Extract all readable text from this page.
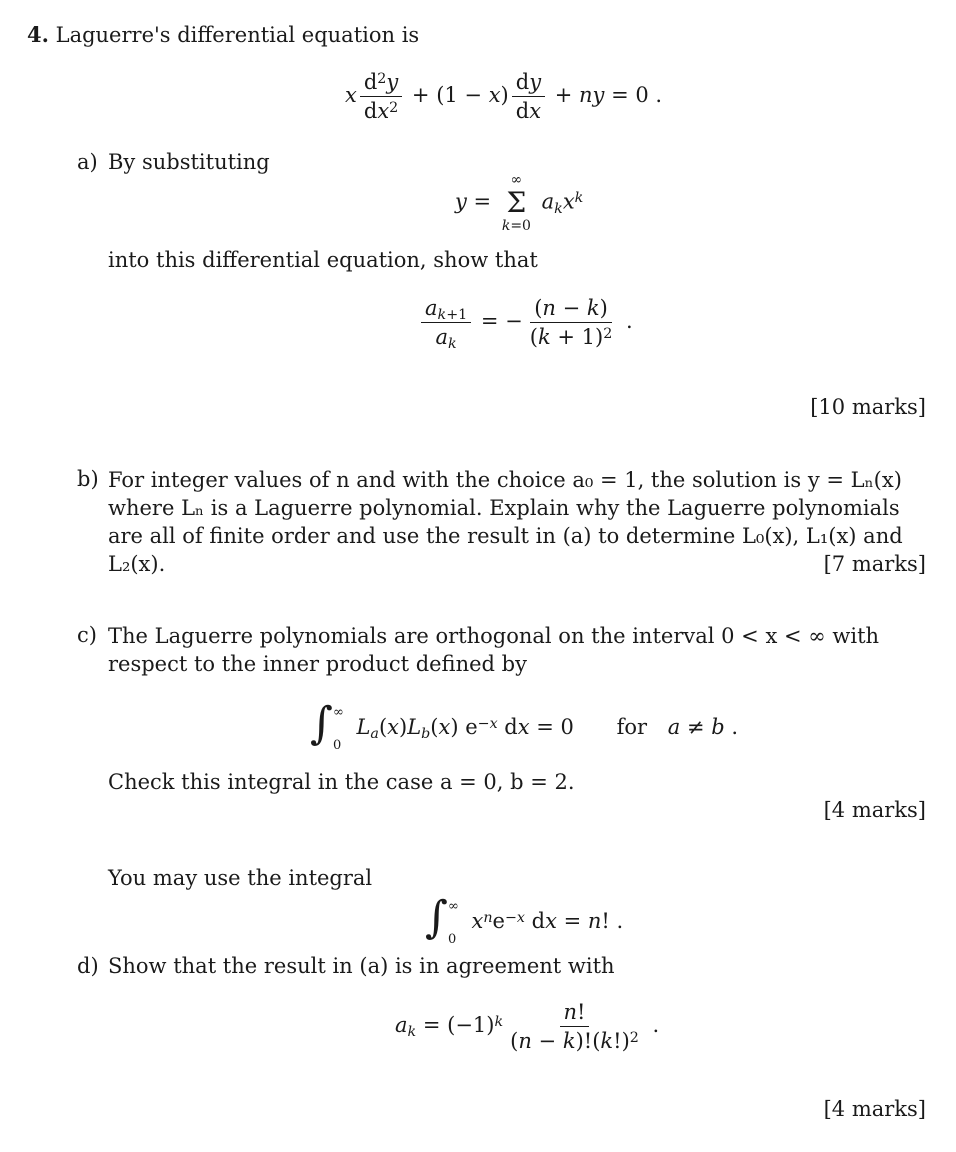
4. Laguerre's differential equation is
x $\frac{d^2y}{dx^2} + (1 - x) \frac{dy}{dx}$ + ny = 0 .
a) By substituting
y =
∞
Σ
k=0
$a_kx^k$
into this differential equation, show that
$\frac{a_{k+1}}{a_k}$ = − $\frac{(n - k)}{(k + 1)^2}$ .
[10 marks]
b) For integer values of n and with the choice a₀ = 1, the solution is y = Lₙ(x) where Lₙ is a Laguerre polynomial. Explain why the Laguerre polynomials are all of finite order and use the result in (a) to determine L₀(x), L₁(x) and L₂(x).	[7 marks]
c) The Laguerre polynomials are orthogonal on the interval 0 < x < ∞ with respect to the inner product defined by
∫ ∞
0
$L_a(x)L_b(x)$ $e^{-x}$ dx = 0 for a ≠ b .
Check this integral in the case a = 0, b = 2.
[4 marks]
You may use the integral
∫ ∞
0
$x^ne^{-x}$ dx = n! .
d) Show that the result in (a) is in agreement with
$a_k = (-1)^k \frac{n!}{(n - k)!(k!)^2}$ .
[4 marks]
